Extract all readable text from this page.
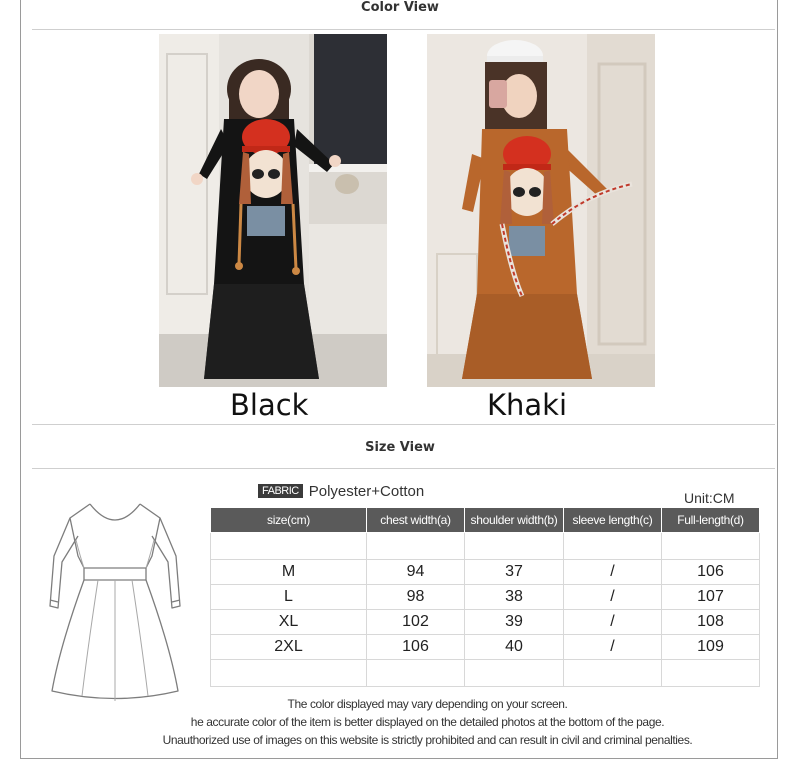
Color View
Black	Khaki
Size View
FABRIC Polyester+Cotton	Unit:CM
size(cm)	chest width(a)	shoulder width(b)	sleeve length(c)	Full-length(d)

M	94	37	/	106
L	98	38	/	107
XL	102	39	/	108
2XL	106	40	/	109

The color displayed may vary depending on your screen.
he accurate color of the item is better displayed on the detailed photos at the bottom of the page.
Unauthorized use of images on this website is strictly prohibited and can result in civil and criminal penalties.
